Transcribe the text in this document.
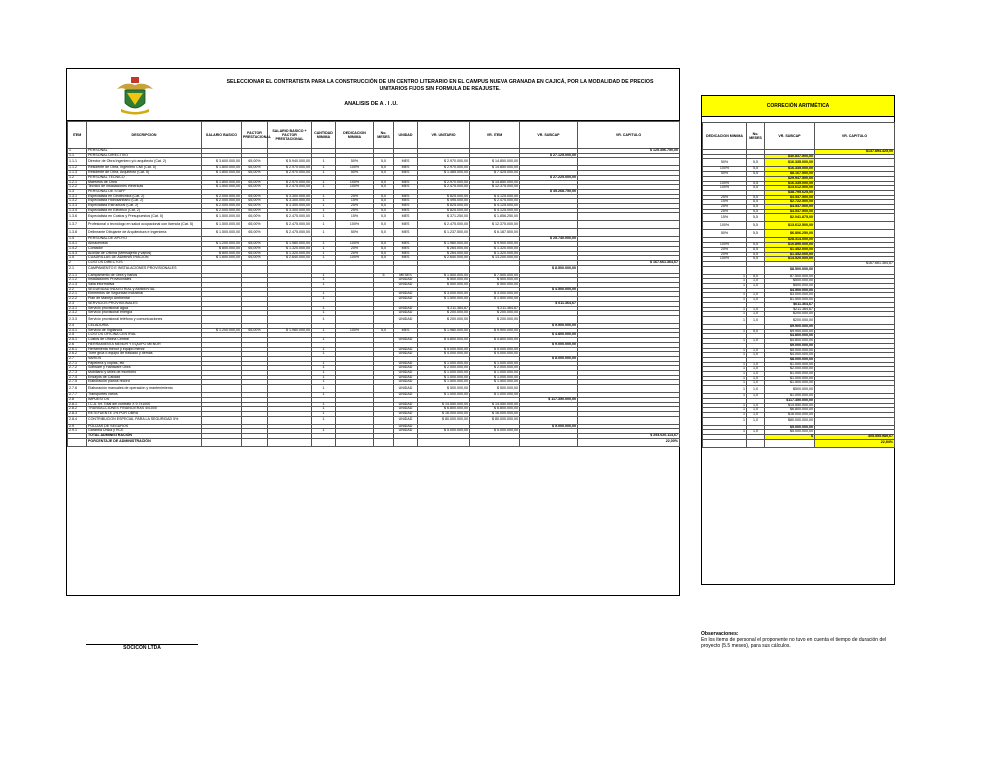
SELECCIONAR EL CONTRATISTA PARA LA CONSTRUCCIÓN DE UN CENTRO LITERARIO EN EL CAMPUS NUEVA GRANADA EN CAJICÁ, POR LA MODALIDAD DE PRECIOS
UNITARIOS FIJOS SIN FORMULA DE REAJUSTE.
ANALISIS DE A . I .U.
ITEM	DESCRIPCION	SALARIO BASICO	FACTOR PRESTACIONAL	SALARIO BASICO + FACTOR PRESTACIONAL	CANTIDAD MINIMA	DEDICACION MINIMA	No. MESES	UNIDAD	VR. UNITARIO	VR. ITEM	VR. SUBCAP	VR. CAPITULO
1	PERSONAL											$ 125.356.750,00
1.1	PERSONAL DIRECTIVO										$ 27.125.000,00	
1.1.1	Director de Obra Ingeniero y/o arquitecto (Cat. 2)	$ 3.600.000,00	65,00%	$ 5.940.000,00	1	50%	5,0	MES	$ 2.970.000,00	$ 14.850.000,00		
1.1.2	Residente de Obra, Ingeniero Civil (Cat. 5)	$ 1.800.000,00	65,00%	$ 2.970.000,00	1	100%	5,0	MES	$ 2.970.000,00	$ 14.850.000,00		
1.1.3	Residente de Obra, Arquitecto (Cat. 5)	$ 1.800.000,00	65,00%	$ 2.970.000,00	1	50%	5,0	MES	$ 1.485.000,00	$ 7.425.000,00		
1.2	PERSONAL TÉCNICO										$ 27.225.000,00	
1.2.1	Maestros de Obra	$ 1.800.000,00	65,00%	$ 2.970.000,00	1	100%	5,0	MES	$ 2.970.000,00	$ 14.850.000,00		
1.2.2	Tecnico de instalaciones electricas	$ 1.500.000,00	65,00%	$ 2.475.000,00	1	100%	5,0	MES	$ 2.475.000,00	$ 12.375.000,00		
1.3	PERSONAL DE STAFF										$ 35.268.750,00	
1.3.1	Especialista en Geotecnica (Cat. 2)	$ 2.000.000,00	65,00%	$ 3.300.000,00	1	25%	5,0	MES	$ 825.000,00	$ 4.125.000,00		
1.3.2	Especialista Hidrosanitario (Cat. 2)	$ 2.000.000,00	65,00%	$ 3.300.000,00	1	15%	5,0	MES	$ 495.000,00	$ 2.475.000,00		
1.3.3	Especialista Estructural (Cat. 2)	$ 2.000.000,00	65,00%	$ 3.300.000,00	1	25%	5,0	MES	$ 825.000,00	$ 4.125.000,00		
1.3.4	Especialista en Eléctrico (Cat. 2)	$ 2.000.000,00	65,00%	$ 3.300.000,00	1	25%	5,0	MES	$ 825.000,00	$ 4.125.000,00		
1.3.6	Especialista en Costos y Presupuestos (Cat. 5)	$ 1.500.000,00	65,00%	$ 2.475.000,00	1	15%	5,0	MES	$ 371.250,00	$ 1.856.250,00		
1.3.7	Profesional o tecnólogo en salud ocupacional con licencia (Cat. 5)	$ 1.500.000,00	65,00%	$ 2.475.000,00	1	100%	5,0	MES	$ 2.475.000,00	$ 12.375.000,00		
1.3.8	Delineante Dibujante de Arquitectura e Ingenieria	$ 1.500.000,00	65,00%	$ 2.475.000,00	1	50%	5,0	MES	$ 1.237.500,00	$ 6.187.500,00		
1.4	PERSONAL DE APOYO										$ 25.740.000,00	
1.4.1	Almacenista	$ 1.200.000,00	65,00%	$ 1.980.000,00	1	100%	5,0	MES	$ 1.980.000,00	$ 9.900.000,00		
1.4.2	Contador	$ 800.000,00	65,00%	$ 1.320.000,00	1	20%	5,0	MES	$ 264.000,00	$ 1.320.000,00		
1.4.3	Auxiliar de Oficina (Mensajeria y varios)	$ 800.000,00	65,00%	$ 1.320.000,00	1	20%	5,0	MES	$ 264.000,00	$ 1.320.000,00		
1.5	CUADRILLAS DE ADMINISTRACIÓN	$ 1.600.000,00	65,00%	$ 2.640.000,00	1	100%	5,0	MES	$ 2.640.000,00	$ 13.200.000,00		
2	COSTOS DIRECTOS											$ 167.661.364,67
2.1	CAMPAMENTO E INSTALACIONES PROVISIONALES										$ 8.500.000,00	
2.1.1	Campamento de Obra y baños				1		5	MESES	$ 1.500.000,00	$ 7.500.000,00		
2.1.2	Instalaciones Provisionales				1			UNIDAD	$ 500.000,00	$ 500.000,00		
2.1.3	Valla informativa				1			UNIDAD	$ 500.000,00	$ 500.000,00		
2.2	SEGURIDAD INDUSTRIAL y AMBIENTAL										$ 4.500.000,00	
2.2.1	Elementos de Seguridad Industrial				1			UNIDAD	$ 3.000.000,00	$ 3.000.000,00		
2.2.2	Plan de Manejo Ambiental				1			UNIDAD	$ 1.500.000,00	$ 1.500.000,00		
2.3	SERVICIOS PROVISIONALES										$ 611.364,67	
2.3.1	Servicio provisional agua				1			UNIDAD	$ 211.364,67	$ 211.364,67		
2.3.2	Servicio provisional energía				1			UNIDAD	$ 200.000,00	$ 200.000,00		
2.3.3	Servicio provisional teléfono y comunicaciones				1			UNIDAD	$ 200.000,00	$ 200.000,00		
2.4	CELADURIA										$ 9.900.000,00	
2.4.1	Servicio de Vigilancia	$ 1.200.000,00	65,00%	$ 1.980.000,00	1	100%	5,0	MES	$ 1.980.000,00	$ 9.900.000,00		
2.5	COSTOS OFICINA CENTRAL										$ 4.800.000,00	
2.5.1	Costos de Oficina Central				1			UNIDAD	$ 4.800.000,00	$ 4.800.000,00		
2.6	HERRAMIENTA MENOR Y EQUIPO MENOR										$ 9.000.000,00	
2.6.1	Herramienta menor y equipo menor				1			UNIDAD	$ 5.000.000,00	$ 5.000.000,00		
2.6.2	Torre grúa o equipo de traslado y demás				1			UNIDAD	$ 4.000.000,00	$ 4.000.000,00		
2.7	VARIOS										$ 8.000.000,00	
2.7.1	Papelería y copias, etc				1			UNIDAD	$ 1.000.000,00	$ 1.000.000,00		
2.7.2	Software y Hardware Obra				1			UNIDAD	$ 2.000.000,00	$ 2.000.000,00		
2.7.3	Mobiliario y útiles de escritorio				1			UNIDAD	$ 1.000.000,00	$ 1.000.000,00		
2.7.4	Ensayos de Calidad				1			UNIDAD	$ 1.000.000,00	$ 1.000.000,00		
2.7.5	Elaboración planos récord				1			UNIDAD	$ 1.500.000,00	$ 1.500.000,00		
2.7.6	Elaboración manuales de operación y mantenimiento				1			UNIDAD	$ 500.000,00	$ 500.000,00		
2.7.7	Transportes varios				1			UNIDAD	$ 1.000.000,00	$ 1.000.000,00		
2.8	IMPUESTOS										$ 117.350.000,00	
2.8.1	I.C.A. Ivr. Total del contrato X 9.7x1000				1			UNIDAD	$ 14.550.000,00	$ 14.550.000,00		
2.8.2	TRANSACCIONES FINANCIERAS 4x1000				1			UNIDAD	$ 6.800.000,00	$ 6.800.000,00		
2.8.3	RETEFUENTE 1% POR OBRA				1			UNIDAD	$ 16.000.000,00	$ 16.000.000,00		
2.8.4	CONTRIBUCION ESPECIAL PARA LA SEGURIDAD 5%				1			UNIDAD	$ 80.000.000,00	$ 80.000.000,00		
2.9	PÓLIZAS DE SEGUROS							UNIDAD			$ 5.000.000,00	
2.9.1	Garantía Única y RCE				1			UNIDAD	$ 5.000.000,00	$ 5.000.000,00		
	TOTAL ADMINISTRACIÓN											$ 293.020.114,67
	PORCENTAJE DE ADMINISTRACIÓN											22,00%
CORRECIÓN ARITMÉTICA
DEDICACION MINIMA	No. MESES	VR. SUBCAP	VR. CAPITULO
			$137.894.425,00
		$40.837.500,00	
50%	5,5	$16.335.000,00	
100%	5,5	$16.335.000,00	
50%	5,5	$8.167.500,00	
		$29.947.500,00	
100%	5,5	$16.335.000,00	
100%	5,5	$13.612.500,00	
		$38.795.625,00	
25%	5,5	$4.537.500,00	
15%	5,5	$2.722.500,00	
25%	5,5	$4.537.500,00	
25%	5,5	$4.537.500,00	
15%	5,5	$2.041.875,00	
100%	5,5	$13.612.500,00	
50%	5,5	$6.806.250,00	
		$28.314.000,00	
100%	5,5	$10.890.000,00	
20%	5,5	$1.452.000,00	
20%	5,5	$1.452.000,00	
100%	5,5	$14.520.000,00	
			$167.661.364,67
		$8.500.000,00	
1	5,0	$7.500.000,00	
1	1,0	$500.000,00	
1	1,0	$500.000,00	
		$4.500.000,00	
1	1,0	$3.000.000,00	
1	1,0	$1.500.000,00	
		$611.364,67	
1	1,0	$211.364,67	
1	1,0	$200.000,00	
1	1,0	$200.000,00	
		$9.900.000,00	
1	5,0	$9.900.000,00	
		$4.800.000,00	
1	1,0	$4.800.000,00	
		$9.000.000,00	
1	1,0	$5.000.000,00	
1	1,0	$4.000.000,00	
		$8.000.000,00	
1	1,0	$1.000.000,00	
1	1,0	$2.000.000,00	
1	1,0	$1.000.000,00	
1	1,0	$1.000.000,00	
1	1,0	$1.500.000,00	
1	1,0	$500.000,00	
1	1,0	$1.000.000,00	
		$117.350.000,00	
1	1,0	$14.550.000,00	
1	1,0	$6.800.000,00	
1	1,0	$16.000.000,00	
1	1,0	$80.000.000,00	
		$5.000.000,00	
1	1,0	$5.000.000,00	
		$	305.555.989,67
			22,94%
Observaciones:
En los items de personal el proponente no tuvo en cuenta el tiempo de duración del proyecto (5.5 meses), para sus cálculos.
SOCICON LTDA
